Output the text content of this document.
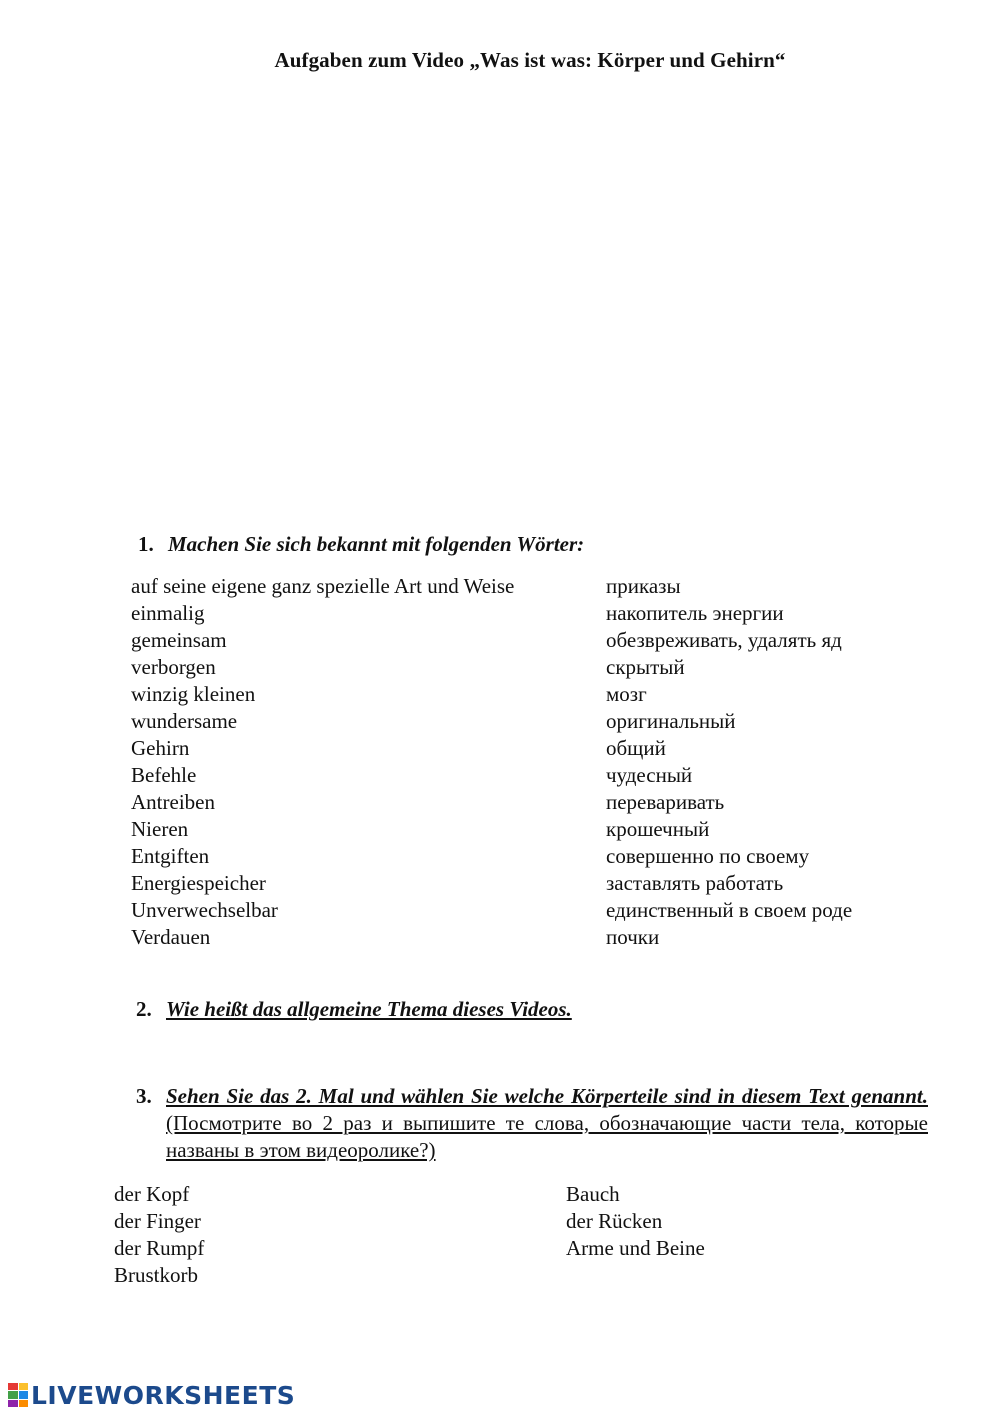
Aufgaben zum Video „Was ist was: Körper und Gehirn“
1. Machen Sie sich bekannt mit folgenden Wörter:
auf seine eigene ganz spezielle Art und Weise
einmalig
gemeinsam
verborgen
winzig kleinen
wundersame
Gehirn
Befehle
Antreiben
Nieren
Entgiften
Energiespeicher
Unverwechselbar
Verdauen
приказы
накопитель энергии
обезвреживать, удалять яд
скрытый
мозг
оригинальный
общий
чудесный
переваривать
крошечный
совершенно по своему
заставлять работать
единственный в своем роде
почки
2. Wie heißt das allgemeine Thema dieses Videos.
3. Sehen Sie das 2. Mal und wählen Sie welche Körperteile sind in diesem Text genannt. (Посмотрите во 2 раз и выпишите те слова, обозначающие части тела, которые названы в этом видеоролике?)
der Kopf
der Finger
der Rumpf
Brustkorb
Bauch
der Rücken
Arme und Beine
LIVEWORKSHEETS
